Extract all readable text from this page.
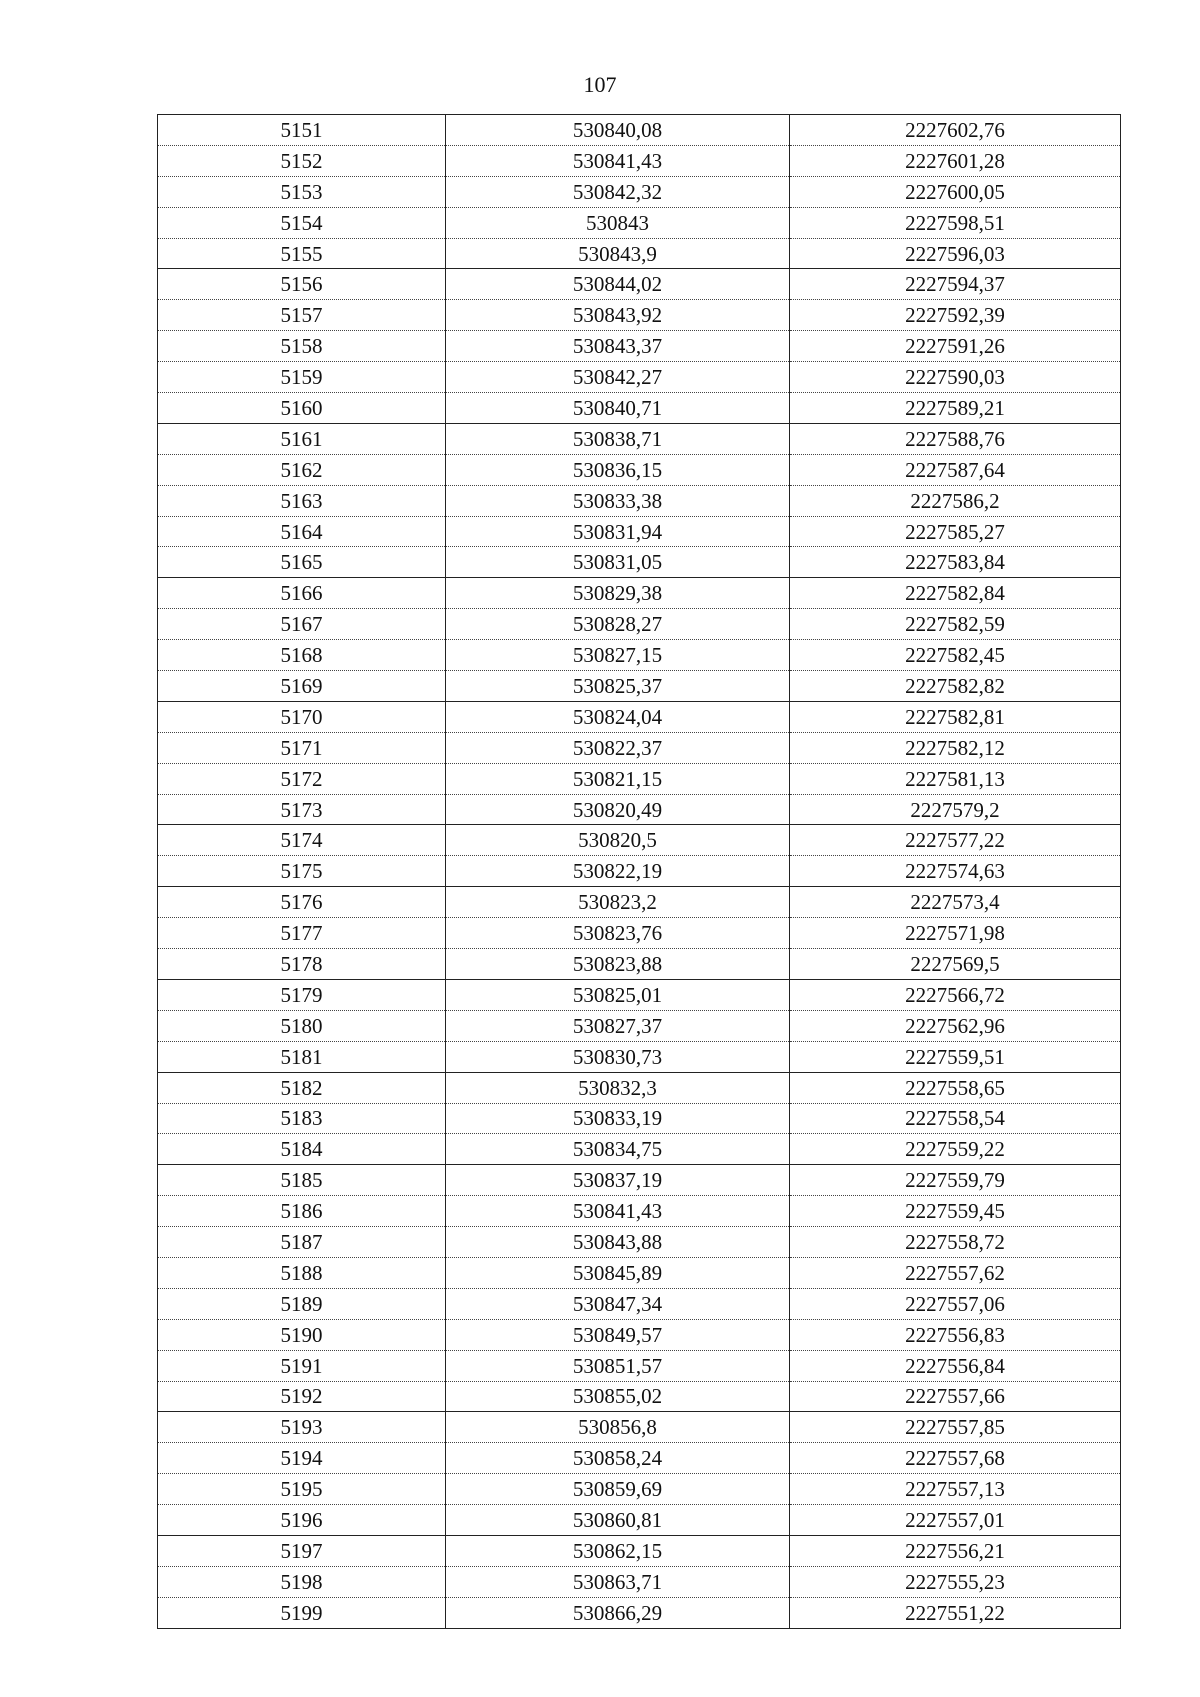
107
5151	530840,08	2227602,76
5152	530841,43	2227601,28
5153	530842,32	2227600,05
5154	530843	2227598,51
5155	530843,9	2227596,03
5156	530844,02	2227594,37
5157	530843,92	2227592,39
5158	530843,37	2227591,26
5159	530842,27	2227590,03
5160	530840,71	2227589,21
5161	530838,71	2227588,76
5162	530836,15	2227587,64
5163	530833,38	2227586,2
5164	530831,94	2227585,27
5165	530831,05	2227583,84
5166	530829,38	2227582,84
5167	530828,27	2227582,59
5168	530827,15	2227582,45
5169	530825,37	2227582,82
5170	530824,04	2227582,81
5171	530822,37	2227582,12
5172	530821,15	2227581,13
5173	530820,49	2227579,2
5174	530820,5	2227577,22
5175	530822,19	2227574,63
5176	530823,2	2227573,4
5177	530823,76	2227571,98
5178	530823,88	2227569,5
5179	530825,01	2227566,72
5180	530827,37	2227562,96
5181	530830,73	2227559,51
5182	530832,3	2227558,65
5183	530833,19	2227558,54
5184	530834,75	2227559,22
5185	530837,19	2227559,79
5186	530841,43	2227559,45
5187	530843,88	2227558,72
5188	530845,89	2227557,62
5189	530847,34	2227557,06
5190	530849,57	2227556,83
5191	530851,57	2227556,84
5192	530855,02	2227557,66
5193	530856,8	2227557,85
5194	530858,24	2227557,68
5195	530859,69	2227557,13
5196	530860,81	2227557,01
5197	530862,15	2227556,21
5198	530863,71	2227555,23
5199	530866,29	2227551,22
